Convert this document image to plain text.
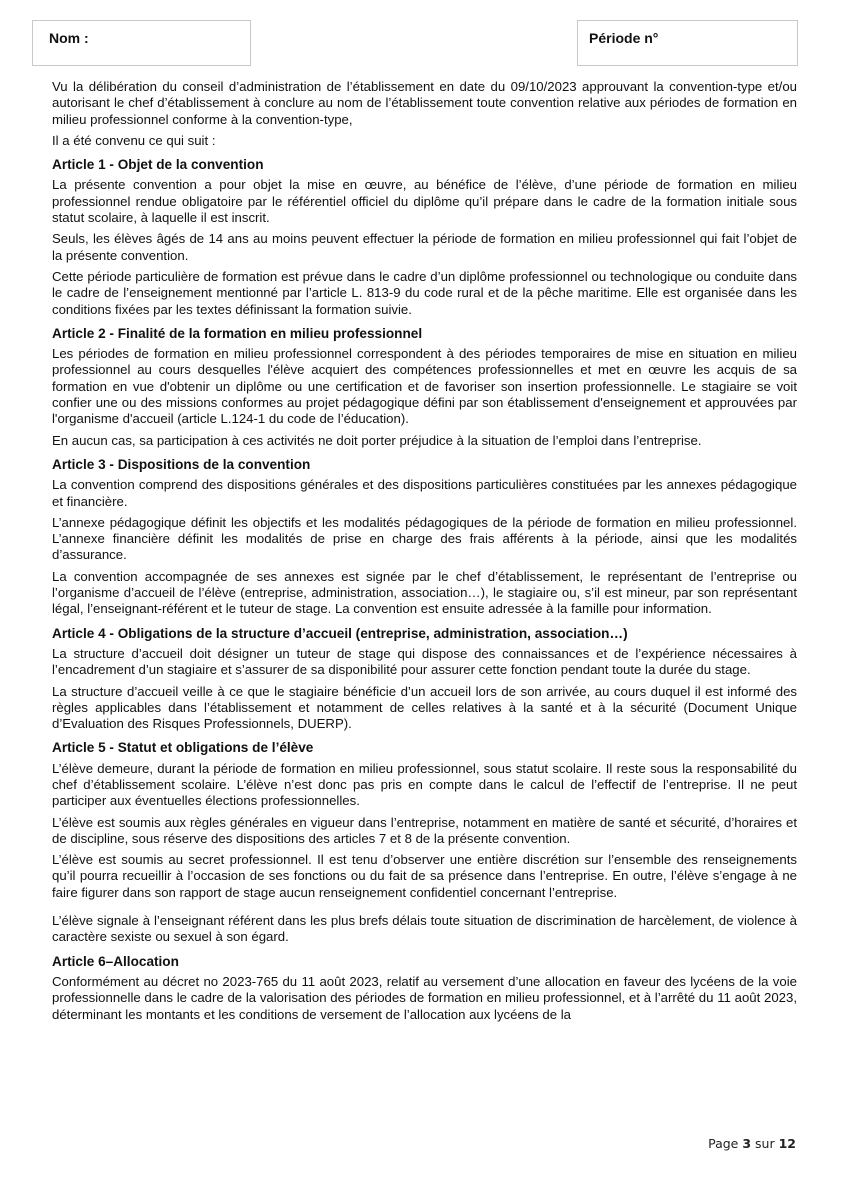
Nom :	Période n°

Vu la délibération du conseil d’administration de l’établissement en date du 09/10/2023 approuvant la convention-type et/ou autorisant le chef d’établissement à conclure au nom de l’établissement toute convention relative aux périodes de formation en milieu professionnel conforme à la convention-type,

Il a été convenu ce qui suit :

Article 1 - Objet de la convention

La présente convention a pour objet la mise en œuvre, au bénéfice de l’élève, d’une période de formation en milieu professionnel rendue obligatoire par le référentiel officiel du diplôme qu’il prépare dans le cadre de la formation initiale sous statut scolaire, à laquelle il est inscrit.

Seuls, les élèves âgés de 14 ans au moins peuvent effectuer la période de formation en milieu professionnel qui fait l’objet de la présente convention.

Cette période particulière de formation est prévue dans le cadre d’un diplôme professionnel ou technologique ou conduite dans le cadre de l’enseignement mentionné par l’article L. 813-9 du code rural et de la pêche maritime. Elle est organisée dans les conditions fixées par les textes définissant la formation suivie.

Article 2 - Finalité de la formation en milieu professionnel

Les périodes de formation en milieu professionnel correspondent à des périodes temporaires de mise en situation en milieu professionnel au cours desquelles l'élève acquiert des compétences professionnelles et met en œuvre les acquis de sa formation en vue d'obtenir un diplôme ou une certification et de favoriser son insertion professionnelle. Le stagiaire se voit confier une ou des missions conformes au projet pédagogique défini par son établissement d'enseignement et approuvées par l'organisme d'accueil (article L.124-1 du code de l’éducation).

En aucun cas, sa participation à ces activités ne doit porter préjudice à la situation de l’emploi dans l’entreprise.

Article 3 - Dispositions de la convention

La convention comprend des dispositions générales et des dispositions particulières constituées par les annexes pédagogique et financière.

L’annexe pédagogique définit les objectifs et les modalités pédagogiques de la période de formation en milieu professionnel. L’annexe financière définit les modalités de prise en charge des frais afférents à la période, ainsi que les modalités d’assurance.

La convention accompagnée de ses annexes est signée par le chef d’établissement, le représentant de l’entreprise ou l’organisme d’accueil de l’élève (entreprise, administration, association…), le stagiaire ou, s’il est mineur, par son représentant légal, l’enseignant-référent et le tuteur de stage. La convention est ensuite adressée à la famille pour information.

Article 4 - Obligations de la structure d’accueil (entreprise, administration, association…)

La structure d’accueil doit désigner un tuteur de stage qui dispose des connaissances et de l’expérience nécessaires à l’encadrement d’un stagiaire et s’assurer de sa disponibilité pour assurer cette fonction pendant toute la durée du stage.

La structure d’accueil veille à ce que le stagiaire bénéficie d’un accueil lors de son arrivée, au cours duquel il est informé des règles applicables dans l’établissement et notamment de celles relatives à la santé et à la sécurité (Document Unique d’Evaluation des Risques Professionnels, DUERP).

Article 5 - Statut et obligations de l’élève

L’élève demeure, durant la période de formation en milieu professionnel, sous statut scolaire. Il reste sous la responsabilité du chef d’établissement scolaire. L’élève n’est donc pas pris en compte dans le calcul de l’effectif de l’entreprise. Il ne peut participer aux éventuelles élections professionnelles.

L’élève est soumis aux règles générales en vigueur dans l’entreprise, notamment en matière de santé et sécurité, d’horaires et de discipline, sous réserve des dispositions des articles 7 et 8 de la présente convention.

L’élève est soumis au secret professionnel. Il est tenu d’observer une entière discrétion sur l’ensemble des renseignements qu’il pourra recueillir à l’occasion de ses fonctions ou du fait de sa présence dans l’entreprise. En outre, l’élève s’engage à ne faire figurer dans son rapport de stage aucun renseignement confidentiel concernant l’entreprise.

L’élève signale à l’enseignant référent dans les plus brefs délais toute situation de discrimination de harcèlement, de violence à caractère sexiste ou sexuel à son égard.

Article 6–Allocation

Conformément au décret no 2023-765 du 11 août 2023, relatif au versement d’une allocation en faveur des lycéens de la voie professionnelle dans le cadre de la valorisation des périodes de formation en milieu professionnel, et à l’arrêté du 11 août 2023, déterminant les montants et les conditions de versement de l’allocation aux lycéens de la

Page 3 sur 12
